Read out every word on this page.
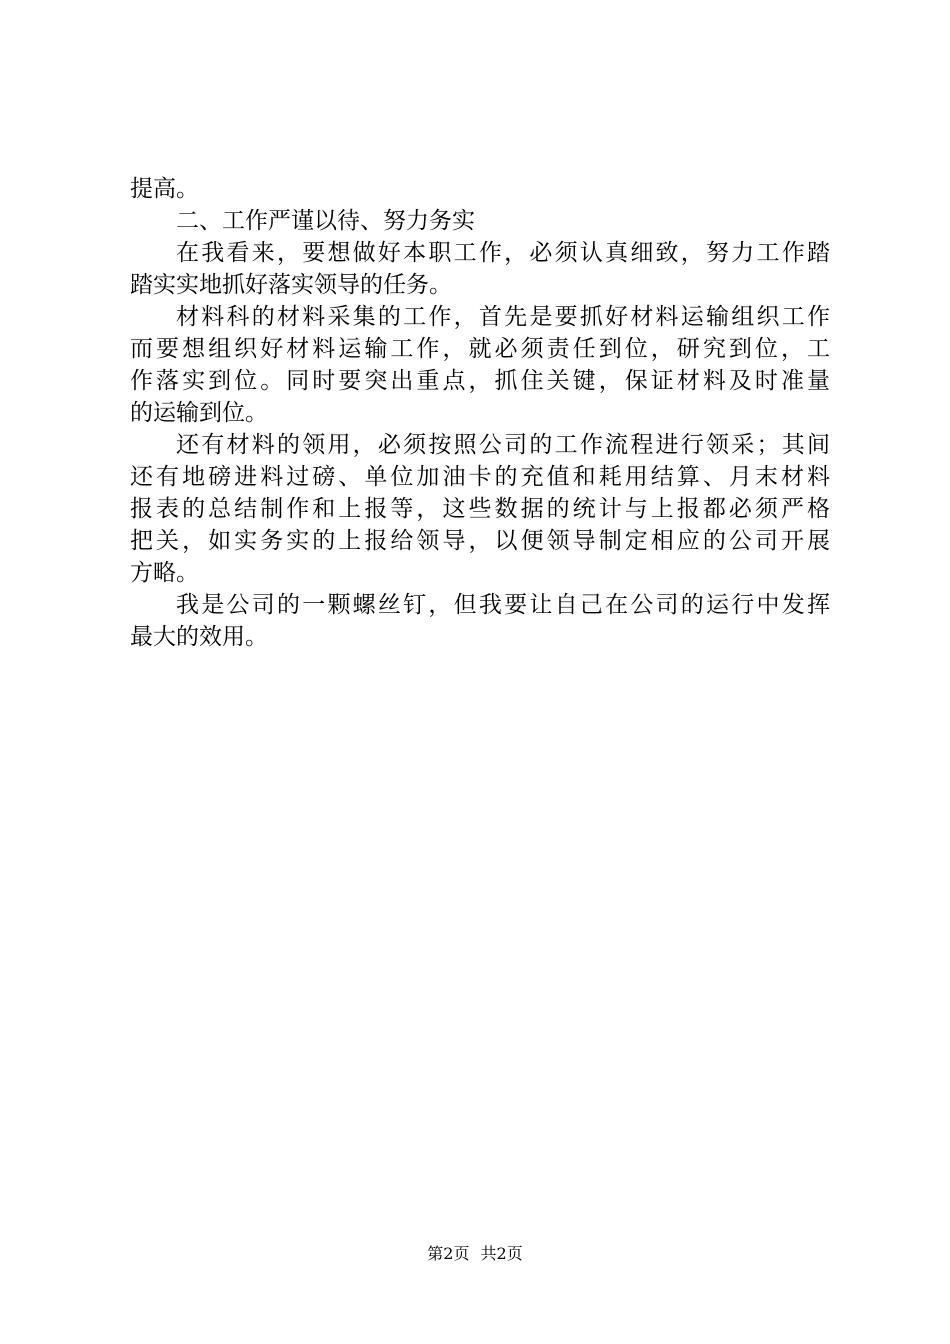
提高。
二、工作严谨以待、努力务实
在我看来，要想做好本职工作，必须认真细致，努力工作踏
踏实实地抓好落实领导的任务。
材料科的材料采集的工作，首先是要抓好材料运输组织工作
而要想组织好材料运输工作，就必须责任到位，研究到位，工
作落实到位。同时要突出重点，抓住关键，保证材料及时准量
的运输到位。
还有材料的领用，必须按照公司的工作流程进行领采；其间
还有地磅进料过磅、单位加油卡的充值和耗用结算、月末材料
报表的总结制作和上报等，这些数据的统计与上报都必须严格
把关，如实务实的上报给领导，以便领导制定相应的公司开展
方略。
我是公司的一颗螺丝钉，但我要让自己在公司的运行中发挥
最大的效用。
第2页 共2页
